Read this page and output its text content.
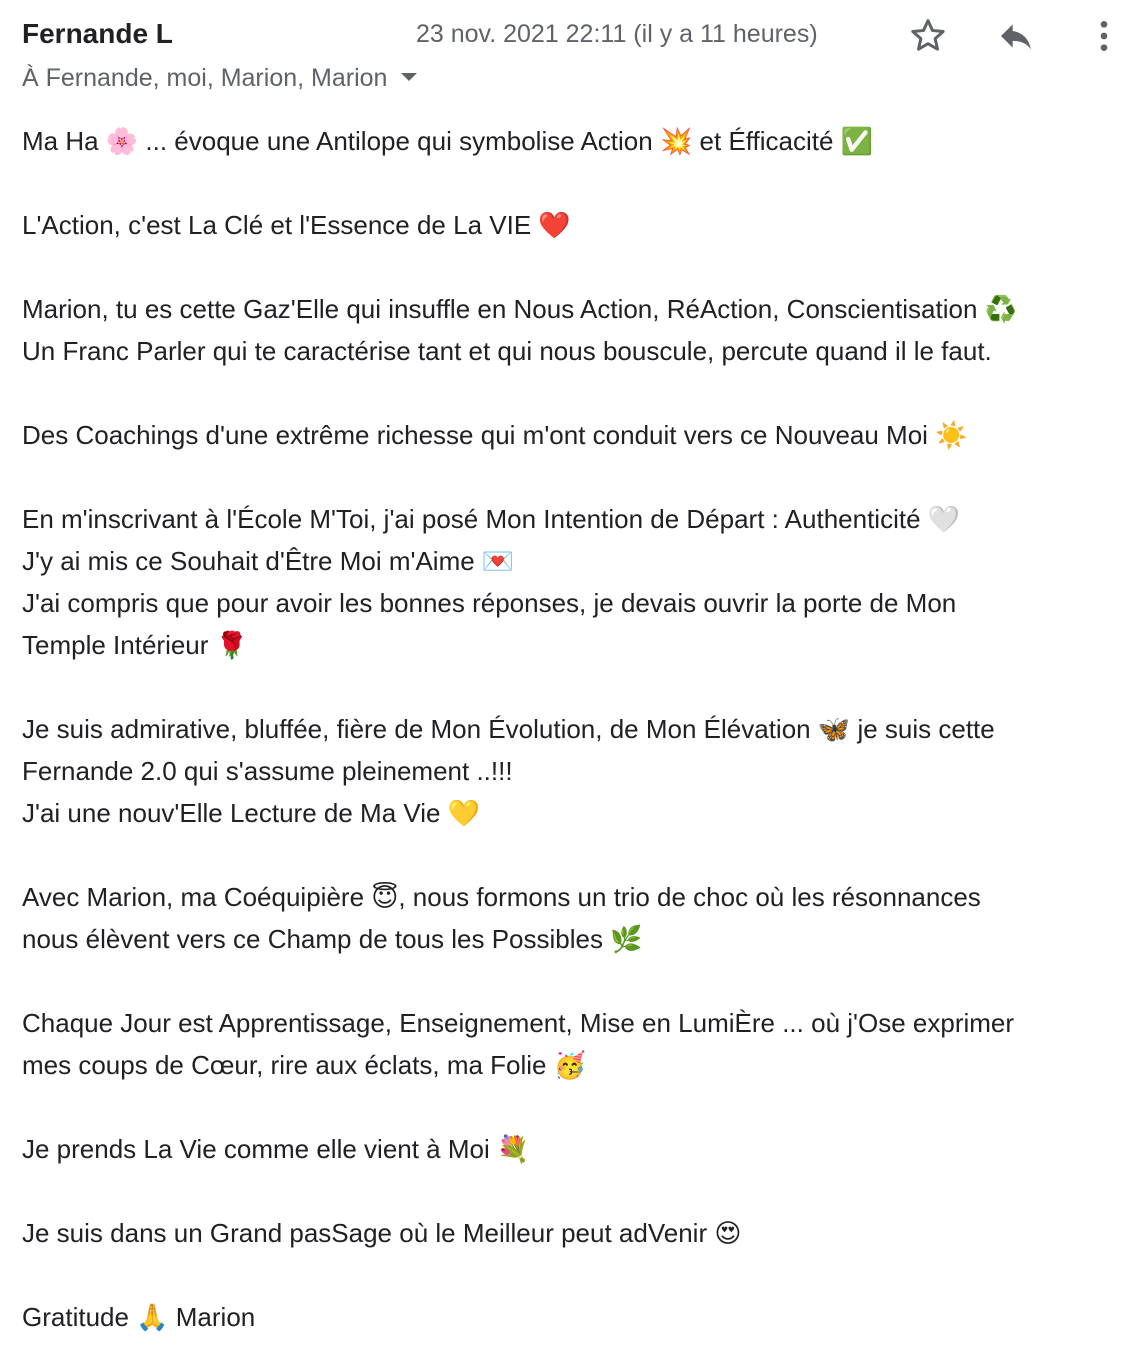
Fernande L	23 nov. 2021 22:11 (il y a 11 heures)
À Fernande, moi, Marion, Marion
Ma Ha 🌸 ... évoque une Antilope qui symbolise Action 💥 et Éfficacité ✅
L'Action, c'est La Clé et l'Essence de La VIE ❤️
Marion, tu es cette Gaz'Elle qui insuffle en Nous Action, RéAction, Conscientisation ♻️
Un Franc Parler qui te caractérise tant et qui nous bouscule, percute quand il le faut.
Des Coachings d'une extrême richesse qui m'ont conduit vers ce Nouveau Moi ☀️
En m'inscrivant à l'École M'Toi, j'ai posé Mon Intention de Départ : Authenticité 🤍
J'y ai mis ce Souhait d'Être Moi m'Aime 💌
J'ai compris que pour avoir les bonnes réponses, je devais ouvrir la porte de Mon
Temple Intérieur 🌹
Je suis admirative, bluffée, fière de Mon Évolution, de Mon Élévation 🦋 je suis cette
Fernande 2.0 qui s'assume pleinement ..!!!
J'ai une nouv'Elle Lecture de Ma Vie 💛
Avec Marion, ma Coéquipière 😇, nous formons un trio de choc où les résonnances
nous élèvent vers ce Champ de tous les Possibles 🌿
Chaque Jour est Apprentissage, Enseignement, Mise en LumiÈre ... où j'Ose exprimer
mes coups de Cœur, rire aux éclats, ma Folie 🥳
Je prends La Vie comme elle vient à Moi 💐
Je suis dans un Grand pasSage où le Meilleur peut adVenir 😍
Gratitude 🙏 Marion
